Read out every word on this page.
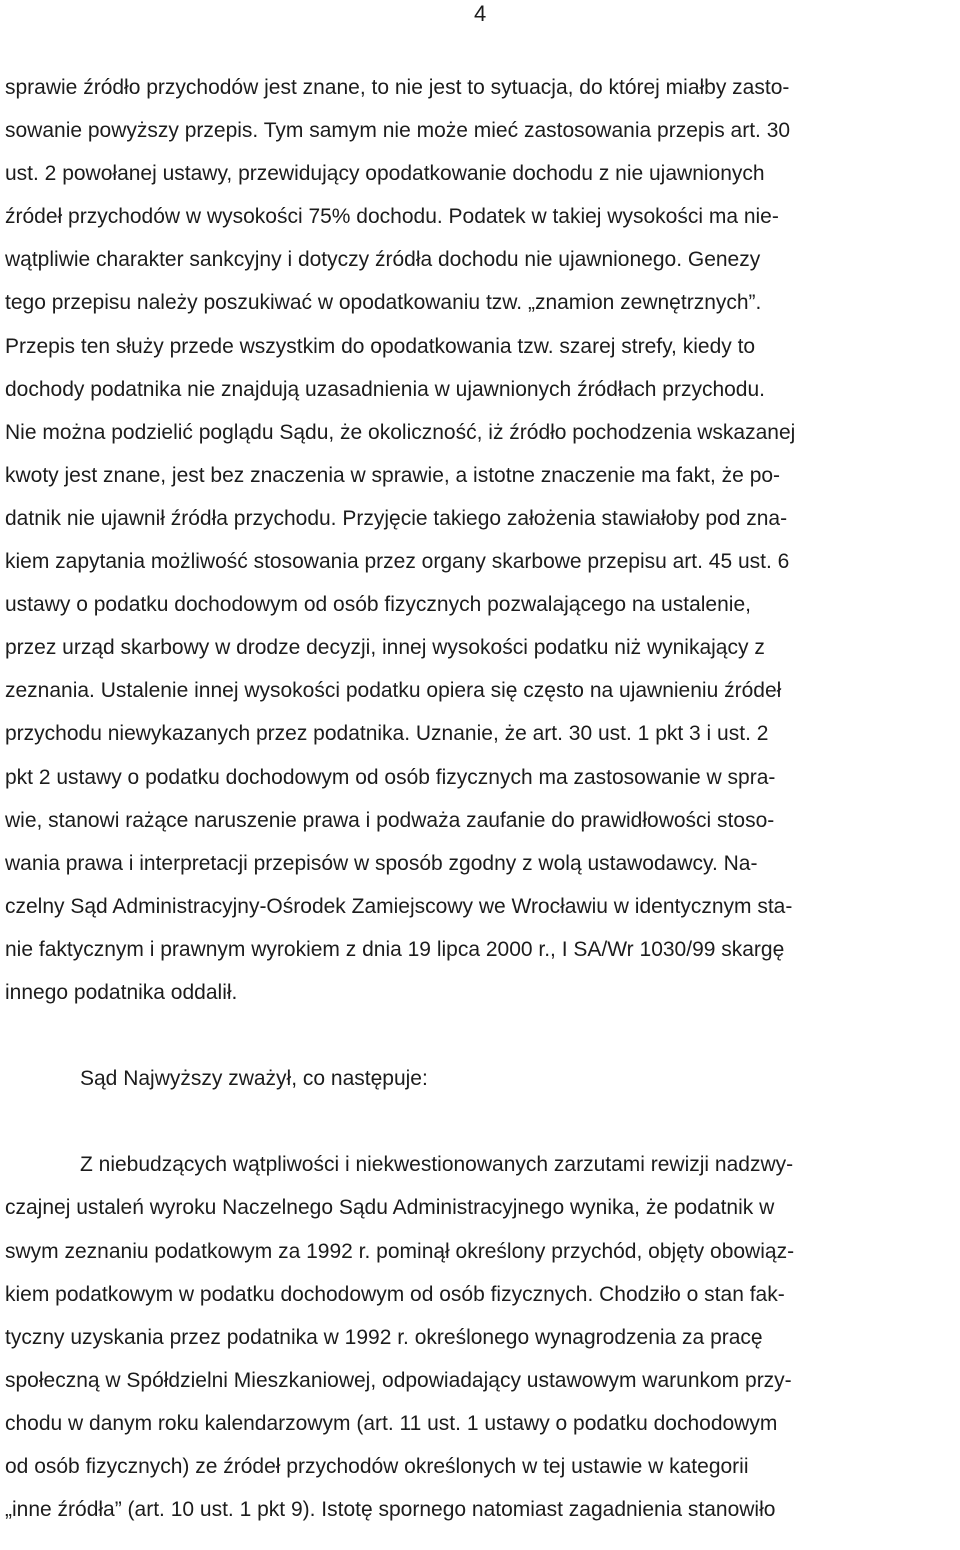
4
sprawie źródło przychodów jest znane, to nie jest to sytuacja, do której miałby zasto-
sowanie powyższy przepis. Tym samym nie może mieć zastosowania przepis art. 30
ust. 2 powołanej ustawy, przewidujący opodatkowanie dochodu z nie ujawnionych
źródeł przychodów w wysokości 75% dochodu. Podatek w takiej wysokości ma nie-
wątpliwie charakter sankcyjny i dotyczy źródła dochodu nie ujawnionego. Genezy
tego przepisu należy poszukiwać w opodatkowaniu tzw. „znamion zewnętrznych”.
Przepis ten służy przede wszystkim do opodatkowania tzw. szarej strefy, kiedy to
dochody podatnika nie znajdują uzasadnienia w ujawnionych źródłach przychodu.
Nie można podzielić poglądu Sądu, że okoliczność, iż źródło pochodzenia wskazanej
kwoty jest znane, jest bez znaczenia w sprawie, a istotne znaczenie ma fakt, że po-
datnik nie ujawnił źródła przychodu. Przyjęcie takiego założenia stawiałoby pod zna-
kiem zapytania możliwość stosowania przez organy skarbowe przepisu art. 45 ust. 6
ustawy o podatku dochodowym od osób fizycznych pozwalającego na ustalenie,
przez urząd skarbowy w drodze decyzji, innej wysokości podatku niż wynikający z
zeznania. Ustalenie innej wysokości podatku opiera się często na ujawnieniu źródeł
przychodu niewykazanych przez podatnika. Uznanie, że art. 30 ust. 1 pkt 3 i ust. 2
pkt 2 ustawy o podatku dochodowym od osób fizycznych ma zastosowanie w spra-
wie, stanowi rażące naruszenie prawa i podważa zaufanie do prawidłowości stoso-
wania prawa i interpretacji przepisów w sposób zgodny z wolą ustawodawcy. Na-
czelny Sąd Administracyjny-Ośrodek Zamiejscowy we Wrocławiu w identycznym sta-
nie faktycznym i prawnym wyrokiem z dnia 19 lipca 2000 r., I SA/Wr 1030/99 skargę
innego podatnika oddalił.
Sąd Najwyższy zważył, co następuje:
Z niebudzących wątpliwości i niekwestionowanych zarzutami rewizji nadzwy-
czajnej ustaleń wyroku Naczelnego Sądu Administracyjnego wynika, że podatnik w
swym zeznaniu podatkowym za 1992 r. pominął określony przychód, objęty obowiąz-
kiem podatkowym w podatku dochodowym od osób fizycznych. Chodziło o stan fak-
tyczny uzyskania przez podatnika w 1992 r. określonego wynagrodzenia za pracę
społeczną w Spółdzielni Mieszkaniowej, odpowiadający ustawowym warunkom przy-
chodu w danym roku kalendarzowym (art. 11 ust. 1 ustawy o podatku dochodowym
od osób fizycznych) ze źródeł przychodów określonych w tej ustawie w kategorii
„inne źródła” (art. 10 ust. 1 pkt 9). Istotę spornego natomiast zagadnienia stanowiło
